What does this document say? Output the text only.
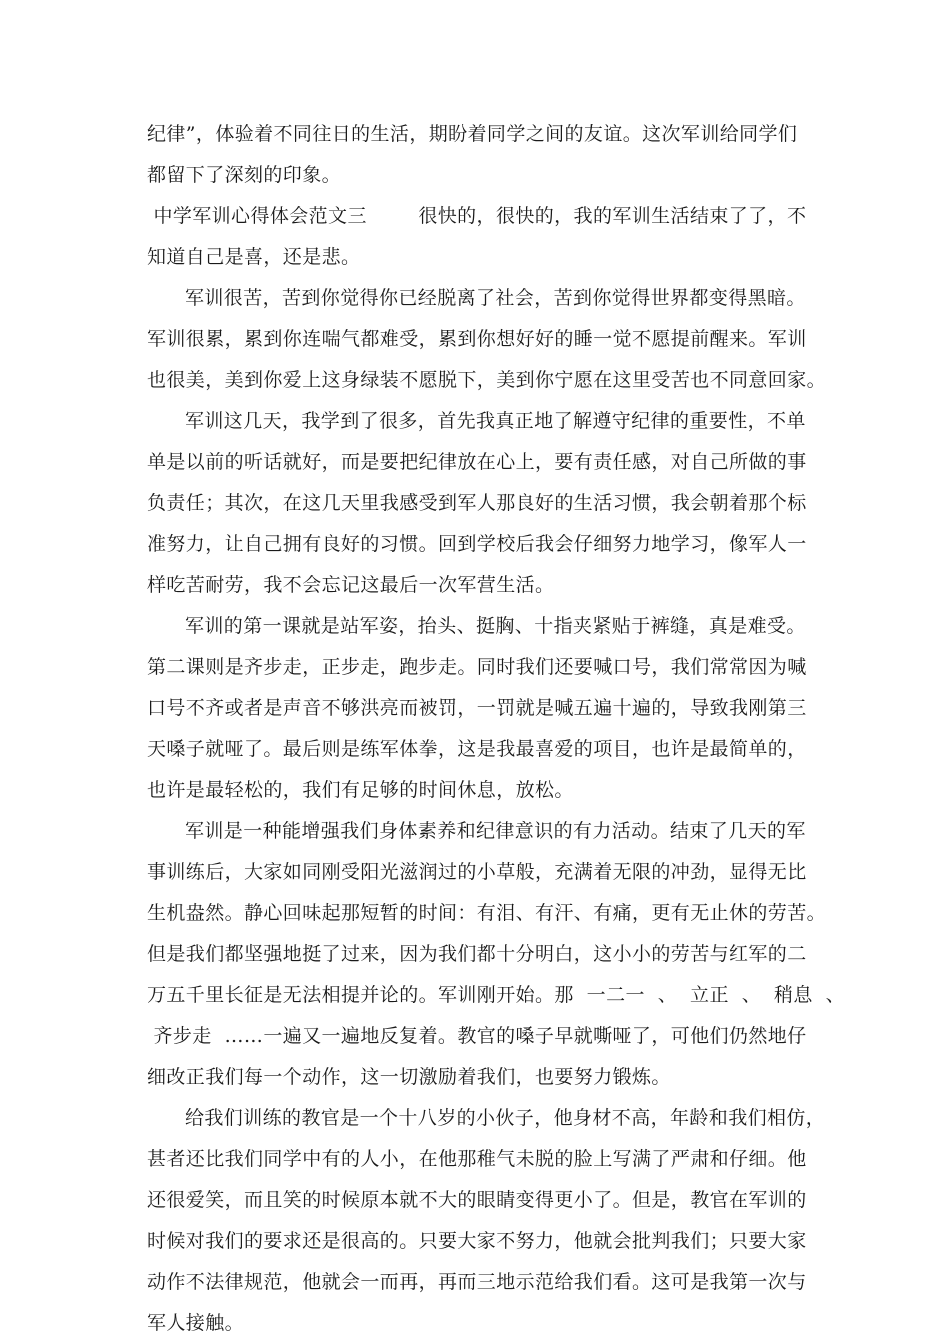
纪律”，体验着不同往日的生活，期盼着同学之间的友谊。这次军训给同学们
都留下了深刻的印象。
中学军训心得体会范文三        很快的，很快的，我的军训生活结束了了，不
知道自己是喜，还是悲。
军训很苦，苦到你觉得你已经脱离了社会，苦到你觉得世界都变得黑暗。
军训很累，累到你连喘气都难受，累到你想好好的睡一觉不愿提前醒来。军训
也很美，美到你爱上这身绿装不愿脱下，美到你宁愿在这里受苦也不同意回家。
军训这几天，我学到了很多，首先我真正地了解遵守纪律的重要性，不单
单是以前的听话就好，而是要把纪律放在心上，要有责任感，对自己所做的事
负责任；其次，在这几天里我感受到军人那良好的生活习惯，我会朝着那个标
准努力，让自己拥有良好的习惯。回到学校后我会仔细努力地学习，像军人一
样吃苦耐劳，我不会忘记这最后一次军营生活。
军训的第一课就是站军姿，抬头、挺胸、十指夹紧贴于裤缝，真是难受。
第二课则是齐步走，正步走，跑步走。同时我们还要喊口号，我们常常因为喊
口号不齐或者是声音不够洪亮而被罚，一罚就是喊五遍十遍的，导致我刚第三
天嗓子就哑了。最后则是练军体拳，这是我最喜爱的项目，也许是最简单的，
也许是最轻松的，我们有足够的时间休息，放松。
军训是一种能增强我们身体素养和纪律意识的有力活动。结束了几天的军
事训练后，大家如同刚受阳光滋润过的小草般，充满着无限的冲劲，显得无比
生机盎然。静心回味起那短暂的时间：有泪、有汗、有痛，更有无止休的劳苦。
但是我们都坚强地挺了过来，因为我们都十分明白，这小小的劳苦与红军的二
万五千里长征是无法相提并论的。军训刚开始。那  一二一  、  立正  、  稍息  、
齐步走  ……一遍又一遍地反复着。教官的嗓子早就嘶哑了，可他们仍然地仔
细改正我们每一个动作，这一切激励着我们，也要努力锻炼。
给我们训练的教官是一个十八岁的小伙子，他身材不高，年龄和我们相仿，
甚者还比我们同学中有的人小，在他那稚气未脱的脸上写满了严肃和仔细。他
还很爱笑，而且笑的时候原本就不大的眼睛变得更小了。但是，教官在军训的
时候对我们的要求还是很高的。只要大家不努力，他就会批判我们；只要大家
动作不法律规范，他就会一而再，再而三地示范给我们看。这可是我第一次与
军人接触。
